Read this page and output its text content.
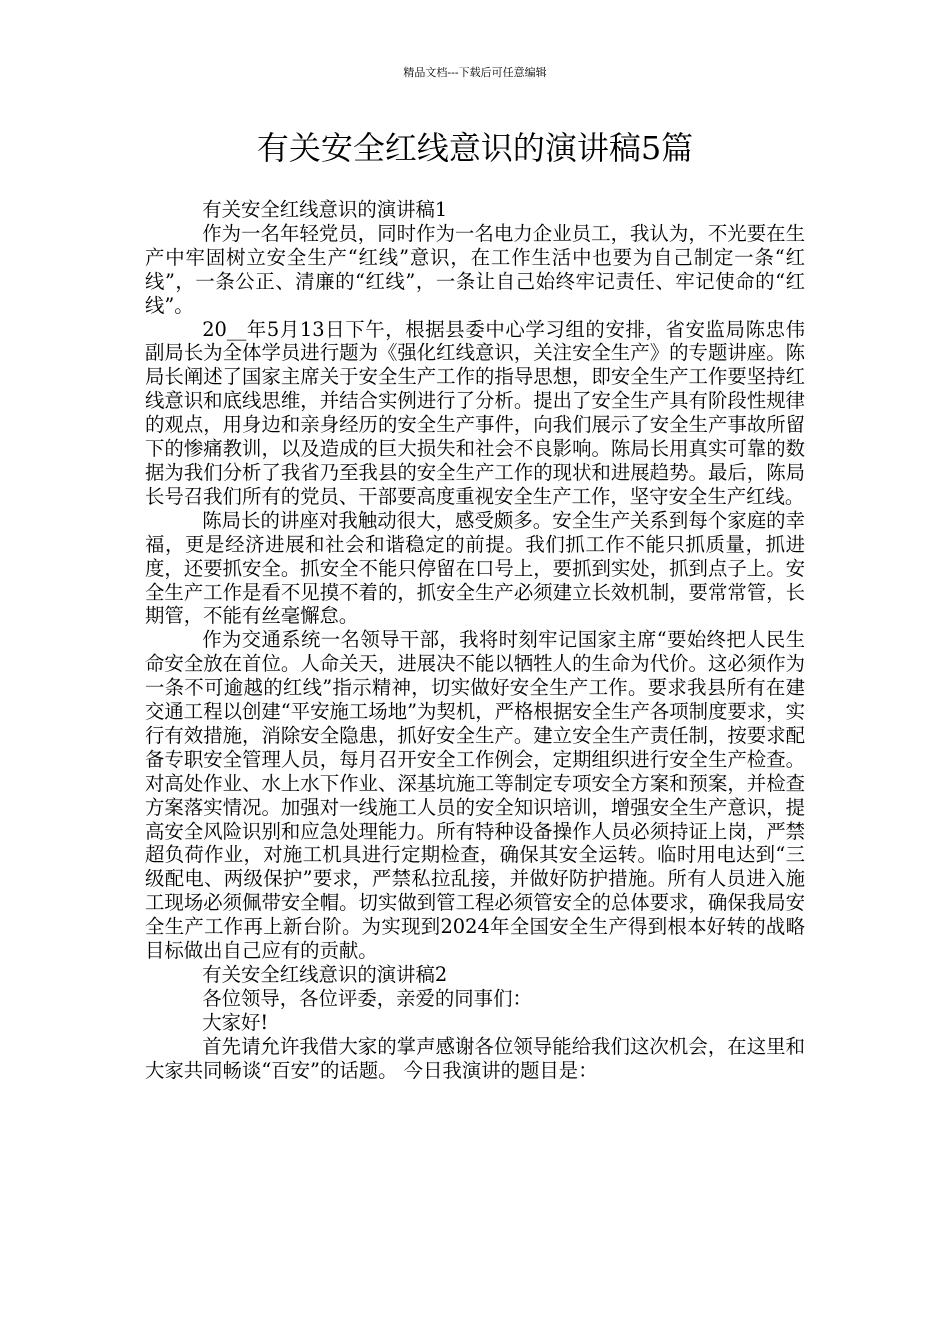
精品文档---下载后可任意编辑
有关安全红线意识的演讲稿5篇

有关安全红线意识的演讲稿1

作为一名年轻党员，同时作为一名电力企业员工，我认为，不光要在生产中牢固树立安全生产“红线”意识，在工作生活中也要为自己制定一条“红线”，一条公正、清廉的“红线”，一条让自己始终牢记责任、牢记使命的“红线”。

20__年5月13日下午，根据县委中心学习组的安排，省安监局陈忠伟副局长为全体学员进行题为《强化红线意识，关注安全生产》的专题讲座。陈局长阐述了国家主席关于安全生产工作的指导思想，即安全生产工作要坚持红线意识和底线思维，并结合实例进行了分析。提出了安全生产具有阶段性规律的观点，用身边和亲身经历的安全生产事件，向我们展示了安全生产事故所留下的惨痛教训，以及造成的巨大损失和社会不良影响。陈局长用真实可靠的数据为我们分析了我省乃至我县的安全生产工作的现状和进展趋势。最后，陈局长号召我们所有的党员、干部要高度重视安全生产工作，坚守安全生产红线。

陈局长的讲座对我触动很大，感受颇多。安全生产关系到每个家庭的幸福，更是经济进展和社会和谐稳定的前提。我们抓工作不能只抓质量，抓进度，还要抓安全。抓安全不能只停留在口号上，要抓到实处，抓到点子上。安全生产工作是看不见摸不着的，抓安全生产必须建立长效机制，要常常管，长期管，不能有丝毫懈怠。

作为交通系统一名领导干部，我将时刻牢记国家主席“要始终把人民生命安全放在首位。人命关天，进展决不能以牺牲人的生命为代价。这必须作为一条不可逾越的红线”指示精神，切实做好安全生产工作。要求我县所有在建交通工程以创建“平安施工场地”为契机，严格根据安全生产各项制度要求，实行有效措施，消除安全隐患，抓好安全生产。建立安全生产责任制，按要求配备专职安全管理人员，每月召开安全工作例会，定期组织进行安全生产检查。对高处作业、水上水下作业、深基坑施工等制定专项安全方案和预案，并检查方案落实情况。加强对一线施工人员的安全知识培训，增强安全生产意识，提高安全风险识别和应急处理能力。所有特种设备操作人员必须持证上岗，严禁超负荷作业，对施工机具进行定期检查，确保其安全运转。临时用电达到“三级配电、两级保护”要求，严禁私拉乱接，并做好防护措施。所有人员进入施工现场必须佩带安全帽。切实做到管工程必须管安全的总体要求，确保我局安全生产工作再上新台阶。为实现到2024年全国安全生产得到根本好转的战略目标做出自己应有的贡献。

有关安全红线意识的演讲稿2

各位领导，各位评委，亲爱的同事们：

大家好!

首先请允许我借大家的掌声感谢各位领导能给我们这次机会，在这里和大家共同畅谈“百安”的话题。 今日我演讲的题目是：
